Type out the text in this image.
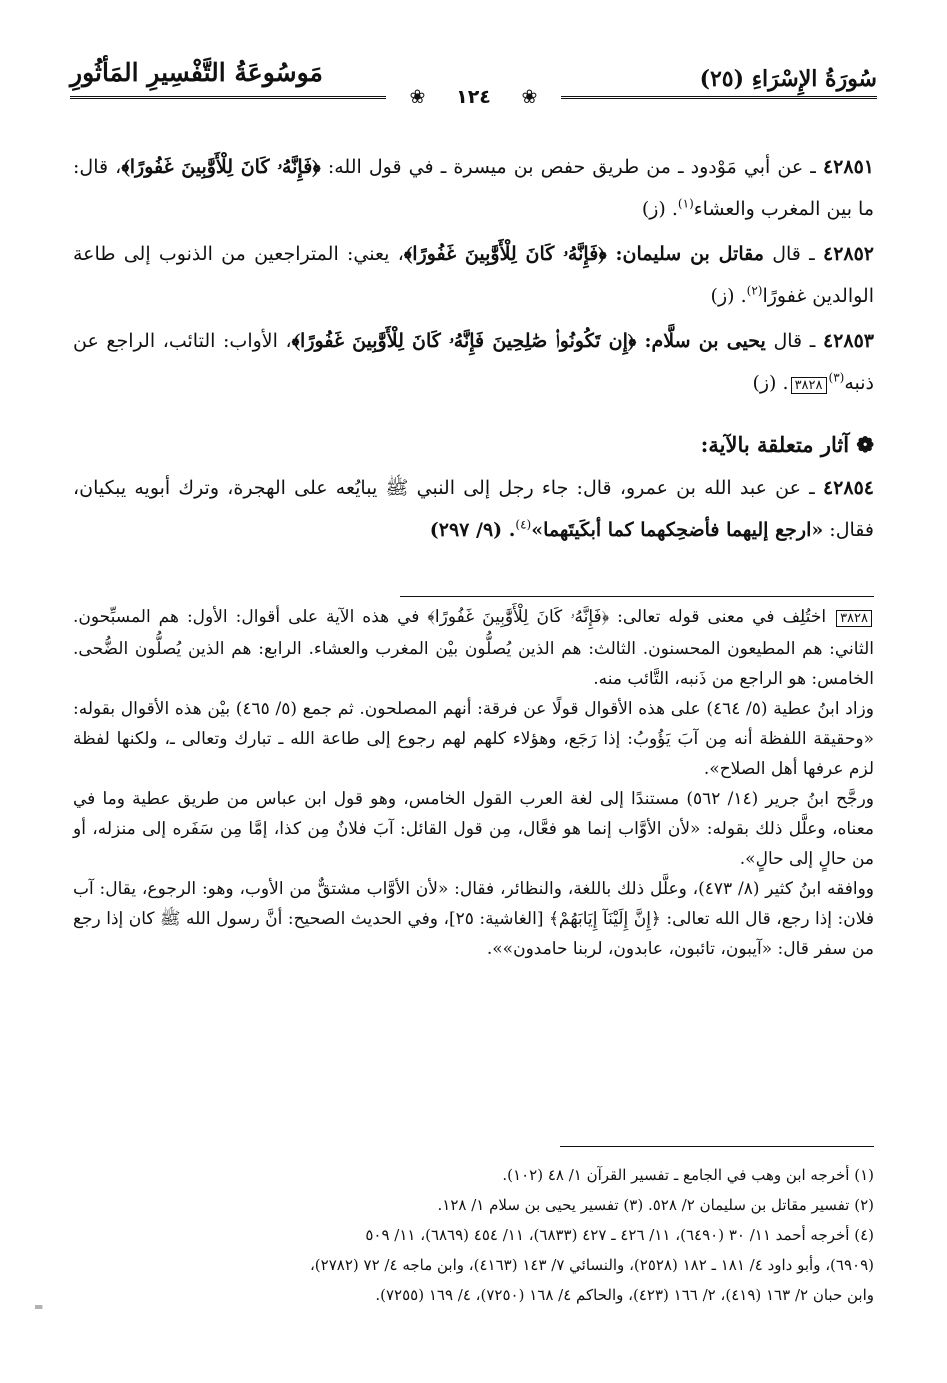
سُورَةُ الإِسْرَاءِ (٢٥)
مَوسُوعَةُ التَّفْسِيرِ المَأثُورِ
❀ ١٢٤ ❀

٤٢٨٥١ ـ عن أبي مَوْدود ـ من طريق حفص بن ميسرة ـ في قول الله: ﴿فَإِنَّهُۥ كَانَ لِلْأَوَّٰبِينَ غَفُورًا﴾، قال: ما بين المغرب والعشاء$^{(١)}$. (ز)

٤٢٨٥٢ ـ قال مقاتل بن سليمان: ﴿فَإِنَّهُۥ كَانَ لِلْأَوَّٰبِينَ غَفُورًا﴾، يعني: المتراجعين من الذنوب إلى طاعة الوالدين غفورًا$^{(٢)}$. (ز)

٤٢٨٥٣ ـ قال يحيى بن سلَّام: ﴿إِن تَكُونُوا۟ صَٰلِحِينَ فَإِنَّهُۥ كَانَ لِلْأَوَّٰبِينَ غَفُورًا﴾، الأواب: التائب، الراجع عن ذنبه$^{(٣)}$٣٨٢٨. (ز)

❁ آثار متعلقة بالآية:

٤٢٨٥٤ ـ عن عبد الله بن عمرو، قال: جاء رجل إلى النبي ﷺ يبايُعه على الهجرة، وترك أبويه يبكيان، فقال: «ارجع إليهما فأضحِكهما كما أبكَيتَهما»$^{(٤)}$. (٩/ ٢٩٧)

٣٨٢٨ اختُلِف في معنى قوله تعالى: ﴿فَإِنَّهُۥ كَانَ لِلْأَوَّٰبِينَ غَفُورًا﴾ في هذه الآية على أقوال: الأول: هم المسبِّحون. الثاني: هم المطيعون المحسنون. الثالث: هم الذين يُصلُّون بيْن المغرب والعشاء. الرابع: هم الذين يُصلُّون الضُّحى. الخامس: هو الراجع من ذَنبه، التَّائب منه.

وزاد ابنُ عطية (٥/ ٤٦٤) على هذه الأقوال قولًا عن فرقة: أنهم المصلحون. ثم جمع (٥/ ٤٦٥) بيْن هذه الأقوال بقوله: «وحقيقة اللفظة أنه مِن آبَ يَؤُوبُ: إذا رَجَع، وهؤلاء كلهم لهم رجوع إلى طاعة الله ـ تبارك وتعالى ـ، ولكنها لفظة لزم عرفها أهل الصلاح».

ورجَّح ابنُ جرير (١٤/ ٥٦٢) مستندًا إلى لغة العرب القول الخامس، وهو قول ابن عباس من طريق عطية وما في معناه، وعلَّل ذلك بقوله: «لأن الأوَّاب إنما هو فعَّال، مِن قول القائل: آبَ فلانٌ مِن كذا، إمَّا مِن سَفَره إلى منزله، أو من حالٍ إلى حالٍ».

ووافقه ابنُ كثير (٨/ ٤٧٣)، وعلَّل ذلك باللغة، والنظائر، فقال: «لأن الأوَّاب مشتقٌّ من الأوب، وهو: الرجوع، يقال: آب فلان: إذا رجع، قال الله تعالى: ﴿إِنَّ إِلَيْنَآ إِيَابَهُمْ﴾ [الغاشية: ٢٥]، وفي الحديث الصحيح: أنَّ رسول الله ﷺ كان إذا رجع من سفر قال: «آيبون، تائبون، عابدون، لربنا حامدون»».

(١) أخرجه ابن وهب في الجامع ـ تفسير القرآن ١/ ٤٨ (١٠٢).

(٢) تفسير مقاتل بن سليمان ٢/ ٥٢٨. (٣) تفسير يحيى بن سلام ١/ ١٢٨.

(٤) أخرجه أحمد ١١/ ٣٠ (٦٤٩٠)، ١١/ ٤٢٦ ـ ٤٢٧ (٦٨٣٣)، ١١/ ٤٥٤ (٦٨٦٩)، ١١/ ٥٠٩

(٦٩٠٩)، وأبو داود ٤/ ١٨١ ـ ١٨٢ (٢٥٢٨)، والنسائي ٧/ ١٤٣ (٤١٦٣)، وابن ماجه ٤/ ٧٢ (٢٧٨٢)،

وابن حبان ٢/ ١٦٣ (٤١٩)، ٢/ ١٦٦ (٤٢٣)، والحاكم ٤/ ١٦٨ (٧٢٥٠)، ٤/ ١٦٩ (٧٢٥٥).

═
